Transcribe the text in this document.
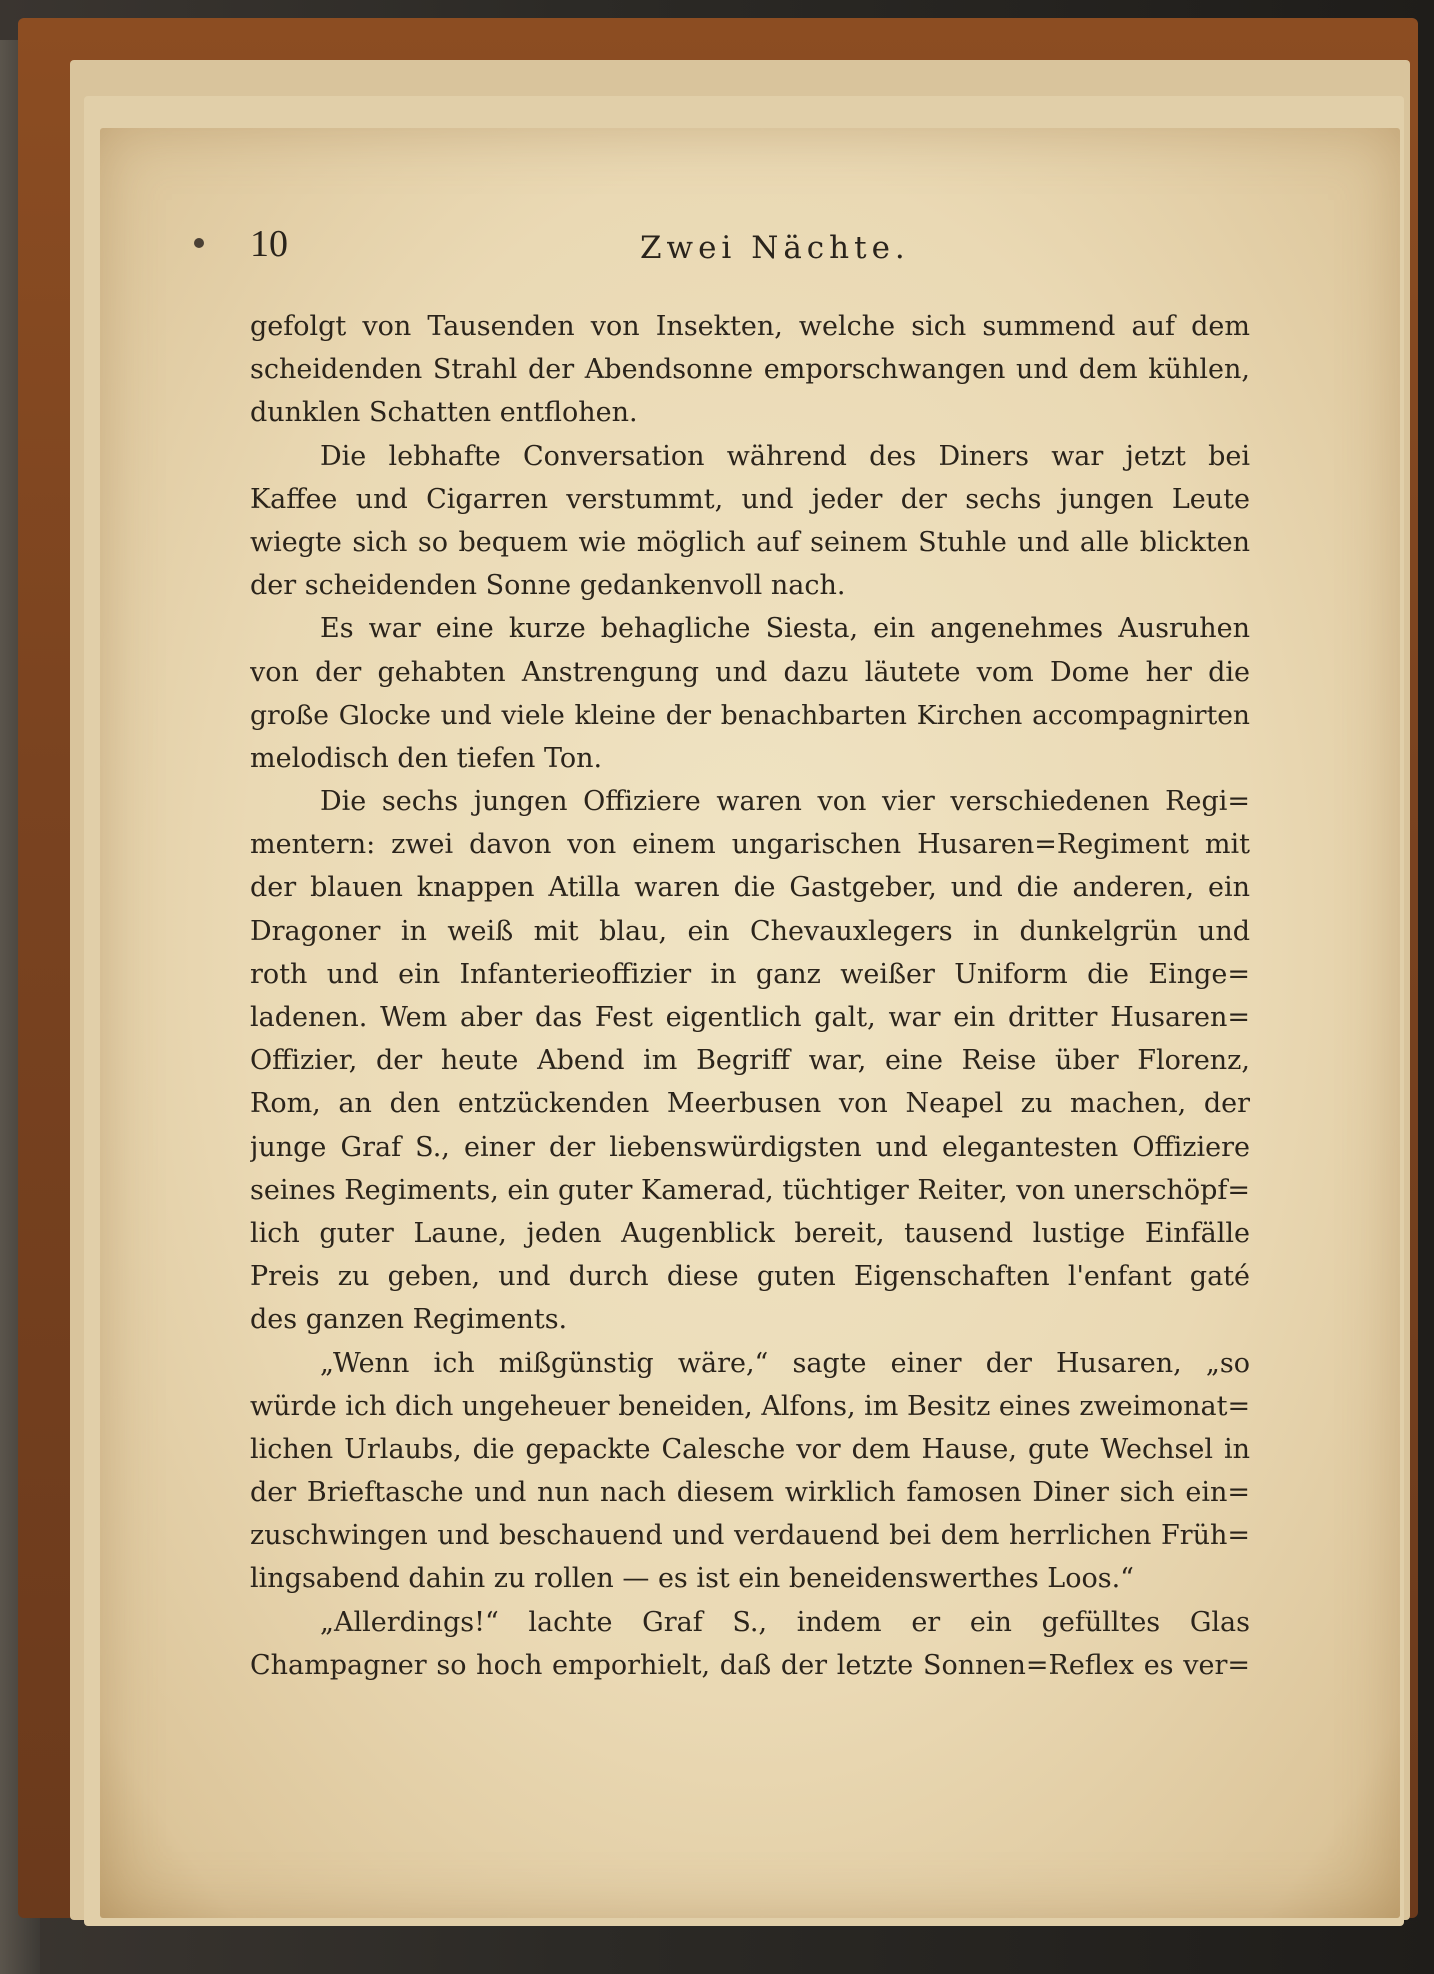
10	Zwei Nächte.
gefolgt von Tausenden von Insekten, welche sich summend auf dem
scheidenden Strahl der Abendsonne emporschwangen und dem kühlen,
dunklen Schatten entflohen.
Die lebhafte Conversation während des Diners war jetzt bei
Kaffee und Cigarren verstummt, und jeder der sechs jungen Leute
wiegte sich so bequem wie möglich auf seinem Stuhle und alle blickten
der scheidenden Sonne gedankenvoll nach.
Es war eine kurze behagliche Siesta, ein angenehmes Ausruhen
von der gehabten Anstrengung und dazu läutete vom Dome her die
große Glocke und viele kleine der benachbarten Kirchen accompagnirten
melodisch den tiefen Ton.
Die sechs jungen Offiziere waren von vier verschiedenen Regi=
mentern: zwei davon von einem ungarischen Husaren=Regiment mit
der blauen knappen Atilla waren die Gastgeber, und die anderen, ein
Dragoner in weiß mit blau, ein Chevauxlegers in dunkelgrün und
roth und ein Infanterieoffizier in ganz weißer Uniform die Einge=
ladenen. Wem aber das Fest eigentlich galt, war ein dritter Husaren=
Offizier, der heute Abend im Begriff war, eine Reise über Florenz,
Rom, an den entzückenden Meerbusen von Neapel zu machen, der
junge Graf S., einer der liebenswürdigsten und elegantesten Offiziere
seines Regiments, ein guter Kamerad, tüchtiger Reiter, von unerschöpf=
lich guter Laune, jeden Augenblick bereit, tausend lustige Einfälle
Preis zu geben, und durch diese guten Eigenschaften l'enfant gaté
des ganzen Regiments.
„Wenn ich mißgünstig wäre,“ sagte einer der Husaren, „so
würde ich dich ungeheuer beneiden, Alfons, im Besitz eines zweimonat=
lichen Urlaubs, die gepackte Calesche vor dem Hause, gute Wechsel in
der Brieftasche und nun nach diesem wirklich famosen Diner sich ein=
zuschwingen und beschauend und verdauend bei dem herrlichen Früh=
lingsabend dahin zu rollen — es ist ein beneidenswerthes Loos.“
„Allerdings!“ lachte Graf S., indem er ein gefülltes Glas
Champagner so hoch emporhielt, daß der letzte Sonnen=Reflex es ver=
